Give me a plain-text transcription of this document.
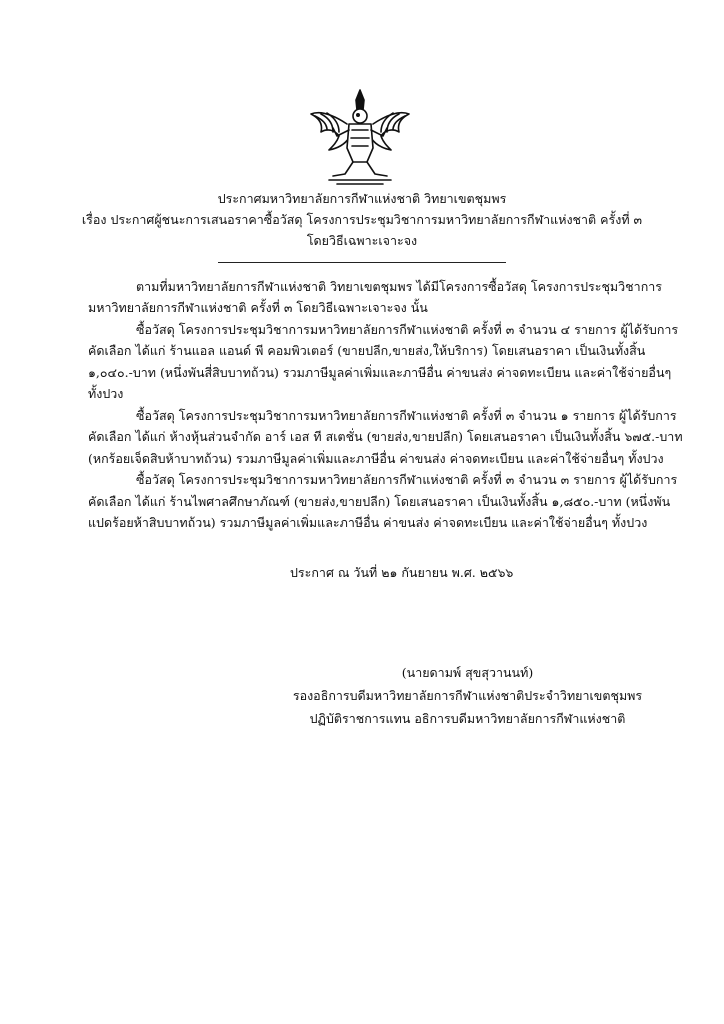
ประกาศมหาวิทยาลัยการกีฬาแห่งชาติ วิทยาเขตชุมพร
เรื่อง ประกาศผู้ชนะการเสนอราคาซื้อวัสดุ โครงการประชุมวิชาการมหาวิทยาลัยการกีฬาแห่งชาติ ครั้งที่ ๓
โดยวิธีเฉพาะเจาะจง
ตามที่มหาวิทยาลัยการกีฬาแห่งชาติ วิทยาเขตชุมพร ได้มีโครงการซื้อวัสดุ โครงการประชุมวิชาการ
มหาวิทยาลัยการกีฬาแห่งชาติ ครั้งที่ ๓ โดยวิธีเฉพาะเจาะจง นั้น
ซื้อวัสดุ โครงการประชุมวิชาการมหาวิทยาลัยการกีฬาแห่งชาติ ครั้งที่ ๓ จำนวน ๔ รายการ ผู้ได้รับการ
คัดเลือก ได้แก่ ร้านแอล แอนด์ พี คอมพิวเตอร์ (ขายปลีก,ขายส่ง,ให้บริการ) โดยเสนอราคา เป็นเงินทั้งสิ้น
๑,๐๔๐.-บาท (หนึ่งพันสี่สิบบาทถ้วน) รวมภาษีมูลค่าเพิ่มและภาษีอื่น ค่าขนส่ง ค่าจดทะเบียน และค่าใช้จ่ายอื่นๆ
ทั้งปวง
ซื้อวัสดุ โครงการประชุมวิชาการมหาวิทยาลัยการกีฬาแห่งชาติ ครั้งที่ ๓ จำนวน ๑ รายการ ผู้ได้รับการ
คัดเลือก ได้แก่ ห้างหุ้นส่วนจำกัด อาร์ เอส ที สเตชั่น (ขายส่ง,ขายปลีก) โดยเสนอราคา เป็นเงินทั้งสิ้น ๖๗๕.-บาท
(หกร้อยเจ็ดสิบห้าบาทถ้วน) รวมภาษีมูลค่าเพิ่มและภาษีอื่น ค่าขนส่ง ค่าจดทะเบียน และค่าใช้จ่ายอื่นๆ ทั้งปวง
ซื้อวัสดุ โครงการประชุมวิชาการมหาวิทยาลัยการกีฬาแห่งชาติ ครั้งที่ ๓ จำนวน ๓ รายการ ผู้ได้รับการ
คัดเลือก ได้แก่ ร้านไพศาลศึกษาภัณฑ์ (ขายส่ง,ขายปลีก) โดยเสนอราคา เป็นเงินทั้งสิ้น ๑,๘๕๐.-บาท (หนึ่งพัน
แปดร้อยห้าสิบบาทถ้วน) รวมภาษีมูลค่าเพิ่มและภาษีอื่น ค่าขนส่ง ค่าจดทะเบียน และค่าใช้จ่ายอื่นๆ ทั้งปวง
ประกาศ ณ วันที่ ๒๑ กันยายน พ.ศ. ๒๕๖๖
(นายดามพ์ สุขสุวานนท์)
รองอธิการบดีมหาวิทยาลัยการกีฬาแห่งชาติประจำวิทยาเขตชุมพร
ปฏิบัติราชการแทน อธิการบดีมหาวิทยาลัยการกีฬาแห่งชาติ
